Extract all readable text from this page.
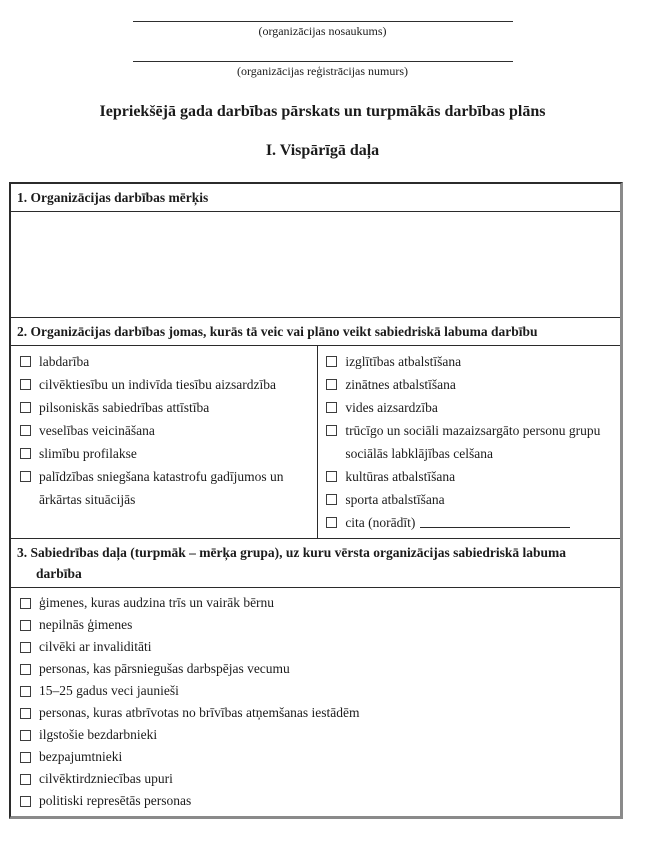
(organizācijas nosaukums)
(organizācijas reģistrācijas numurs)
Iepriekšējā gada darbības pārskats un turpmākās darbības plāns
I. Vispārīgā daļa
1. Organizācijas darbības mērķis
2. Organizācijas darbības jomas, kurās tā veic vai plāno veikt sabiedriskā labuma darbību
labdarība
cilvēktiesību un indivīda tiesību aizsardzība
pilsoniskās sabiedrības attīstība
veselības veicināšana
slimību profilakse
palīdzības sniegšana katastrofu gadījumos un ārkārtas situācijās
izglītības atbalstīšana
zinātnes atbalstīšana
vides aizsardzība
trūcīgo un sociāli mazaizsargāto personu grupu sociālās labklājības celšana
kultūras atbalstīšana
sporta atbalstīšana
cita (norādīt)
3. Sabiedrības daļa (turpmāk – mērķa grupa), uz kuru vērsta organizācijas sabiedriskā labuma darbība
ģimenes, kuras audzina trīs un vairāk bērnu
nepilnās ģimenes
cilvēki ar invaliditāti
personas, kas pārsniegušas darbspējas vecumu
15–25 gadus veci jaunieši
personas, kuras atbrīvotas no brīvības atņemšanas iestādēm
ilgstošie bezdarbnieki
bezpajumtnieki
cilvēktirdzniecības upuri
politiski represētās personas
